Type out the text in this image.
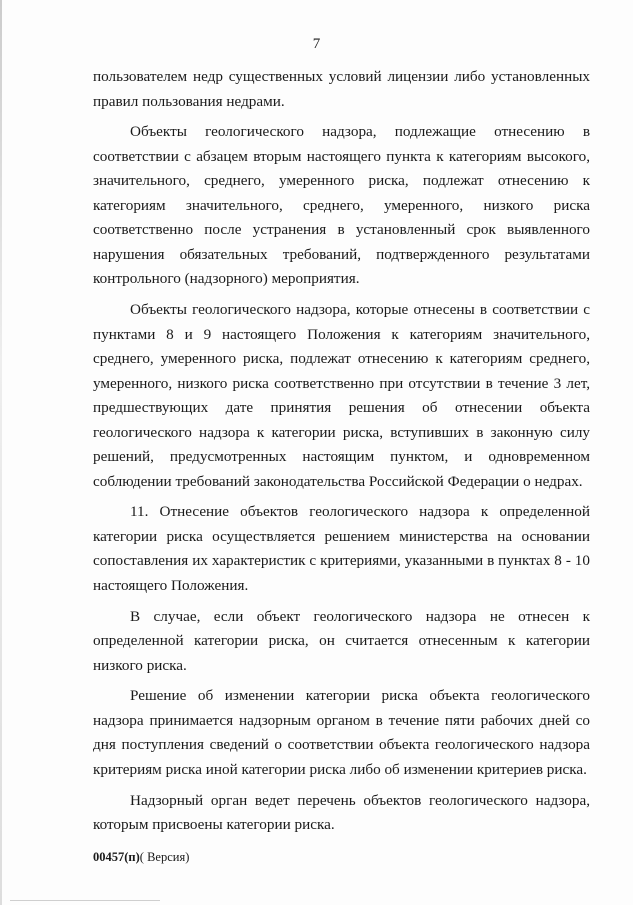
7

пользователем недр существенных условий лицензии либо установленных правил пользования недрами.

Объекты геологического надзора, подлежащие отнесению в соответствии с абзацем вторым настоящего пункта к категориям высокого, значительного, среднего, умеренного риска, подлежат отнесению к категориям значительного, среднего, умеренного, низкого риска соответственно после устранения в установленный срок выявленного нарушения обязательных требований, подтвержденного результатами контрольного (надзорного) мероприятия.

Объекты геологического надзора, которые отнесены в соответствии с пунктами 8 и 9 настоящего Положения к категориям значительного, среднего, умеренного риска, подлежат отнесению к категориям среднего, умеренного, низкого риска соответственно при отсутствии в течение 3 лет, предшествующих дате принятия решения об отнесении объекта геологического надзора к категории риска, вступивших в законную силу решений, предусмотренных настоящим пунктом, и одновременном соблюдении требований законодательства Российской Федерации о недрах.

11. Отнесение объектов геологического надзора к определенной категории риска осуществляется решением министерства на основании сопоставления их характеристик с критериями, указанными в пунктах 8 - 10 настоящего Положения.

В случае, если объект геологического надзора не отнесен к определенной категории риска, он считается отнесенным к категории низкого риска.

Решение об изменении категории риска объекта геологического надзора принимается надзорным органом в течение пяти рабочих дней со дня поступления сведений о соответствии объекта геологического надзора критериям риска иной категории риска либо об изменении критериев риска.

Надзорный орган ведет перечень объектов геологического надзора, которым присвоены категории риска.

00457(п)( Версия)
